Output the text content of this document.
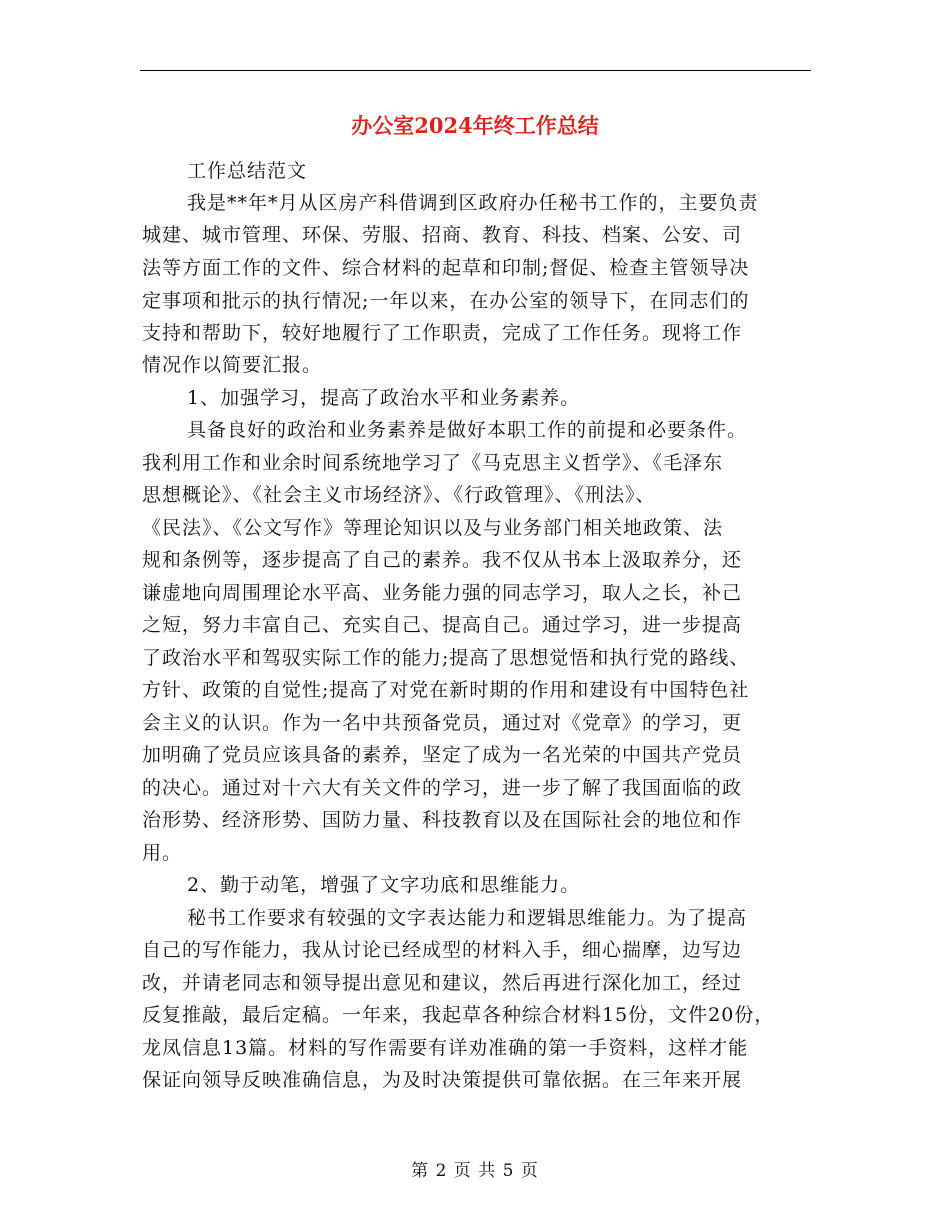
办公室2024年终工作总结
工作总结范文
我是**年*月从区房产科借调到区政府办任秘书工作的，主要负责
城建、城市管理、环保、劳服、招商、教育、科技、档案、公安、司
法等方面工作的文件、综合材料的起草和印制;督促、检查主管领导决
定事项和批示的执行情况;一年以来，在办公室的领导下，在同志们的
支持和帮助下，较好地履行了工作职责，完成了工作任务。现将工作
情况作以简要汇报。
1、加强学习，提高了政治水平和业务素养。
具备良好的政治和业务素养是做好本职工作的前提和必要条件。
我利用工作和业余时间系统地学习了《马克思主义哲学》、《毛泽东
思想概论》、《社会主义市场经济》、《行政管理》、《刑法》、
《民法》、《公文写作》等理论知识以及与业务部门相关地政策、法
规和条例等，逐步提高了自己的素养。我不仅从书本上汲取养分，还
谦虚地向周围理论水平高、业务能力强的同志学习，取人之长，补己
之短，努力丰富自己、充实自己、提高自己。通过学习，进一步提高
了政治水平和驾驭实际工作的能力;提高了思想觉悟和执行党的路线、
方针、政策的自觉性;提高了对党在新时期的作用和建设有中国特色社
会主义的认识。作为一名中共预备党员，通过对《党章》的学习，更
加明确了党员应该具备的素养，坚定了成为一名光荣的中国共产党员
的决心。通过对十六大有关文件的学习，进一步了解了我国面临的政
治形势、经济形势、国防力量、科技教育以及在国际社会的地位和作
用。
2、勤于动笔，增强了文字功底和思维能力。
秘书工作要求有较强的文字表达能力和逻辑思维能力。为了提高
自己的写作能力，我从讨论已经成型的材料入手，细心揣摩，边写边
改，并请老同志和领导提出意见和建议，然后再进行深化加工，经过
反复推敲，最后定稿。一年来，我起草各种综合材料15份，文件20份，
龙凤信息13篇。材料的写作需要有详劝准确的第一手资料，这样才能
保证向领导反映准确信息，为及时决策提供可靠依据。在三年来开展
第 2 页 共 5 页
